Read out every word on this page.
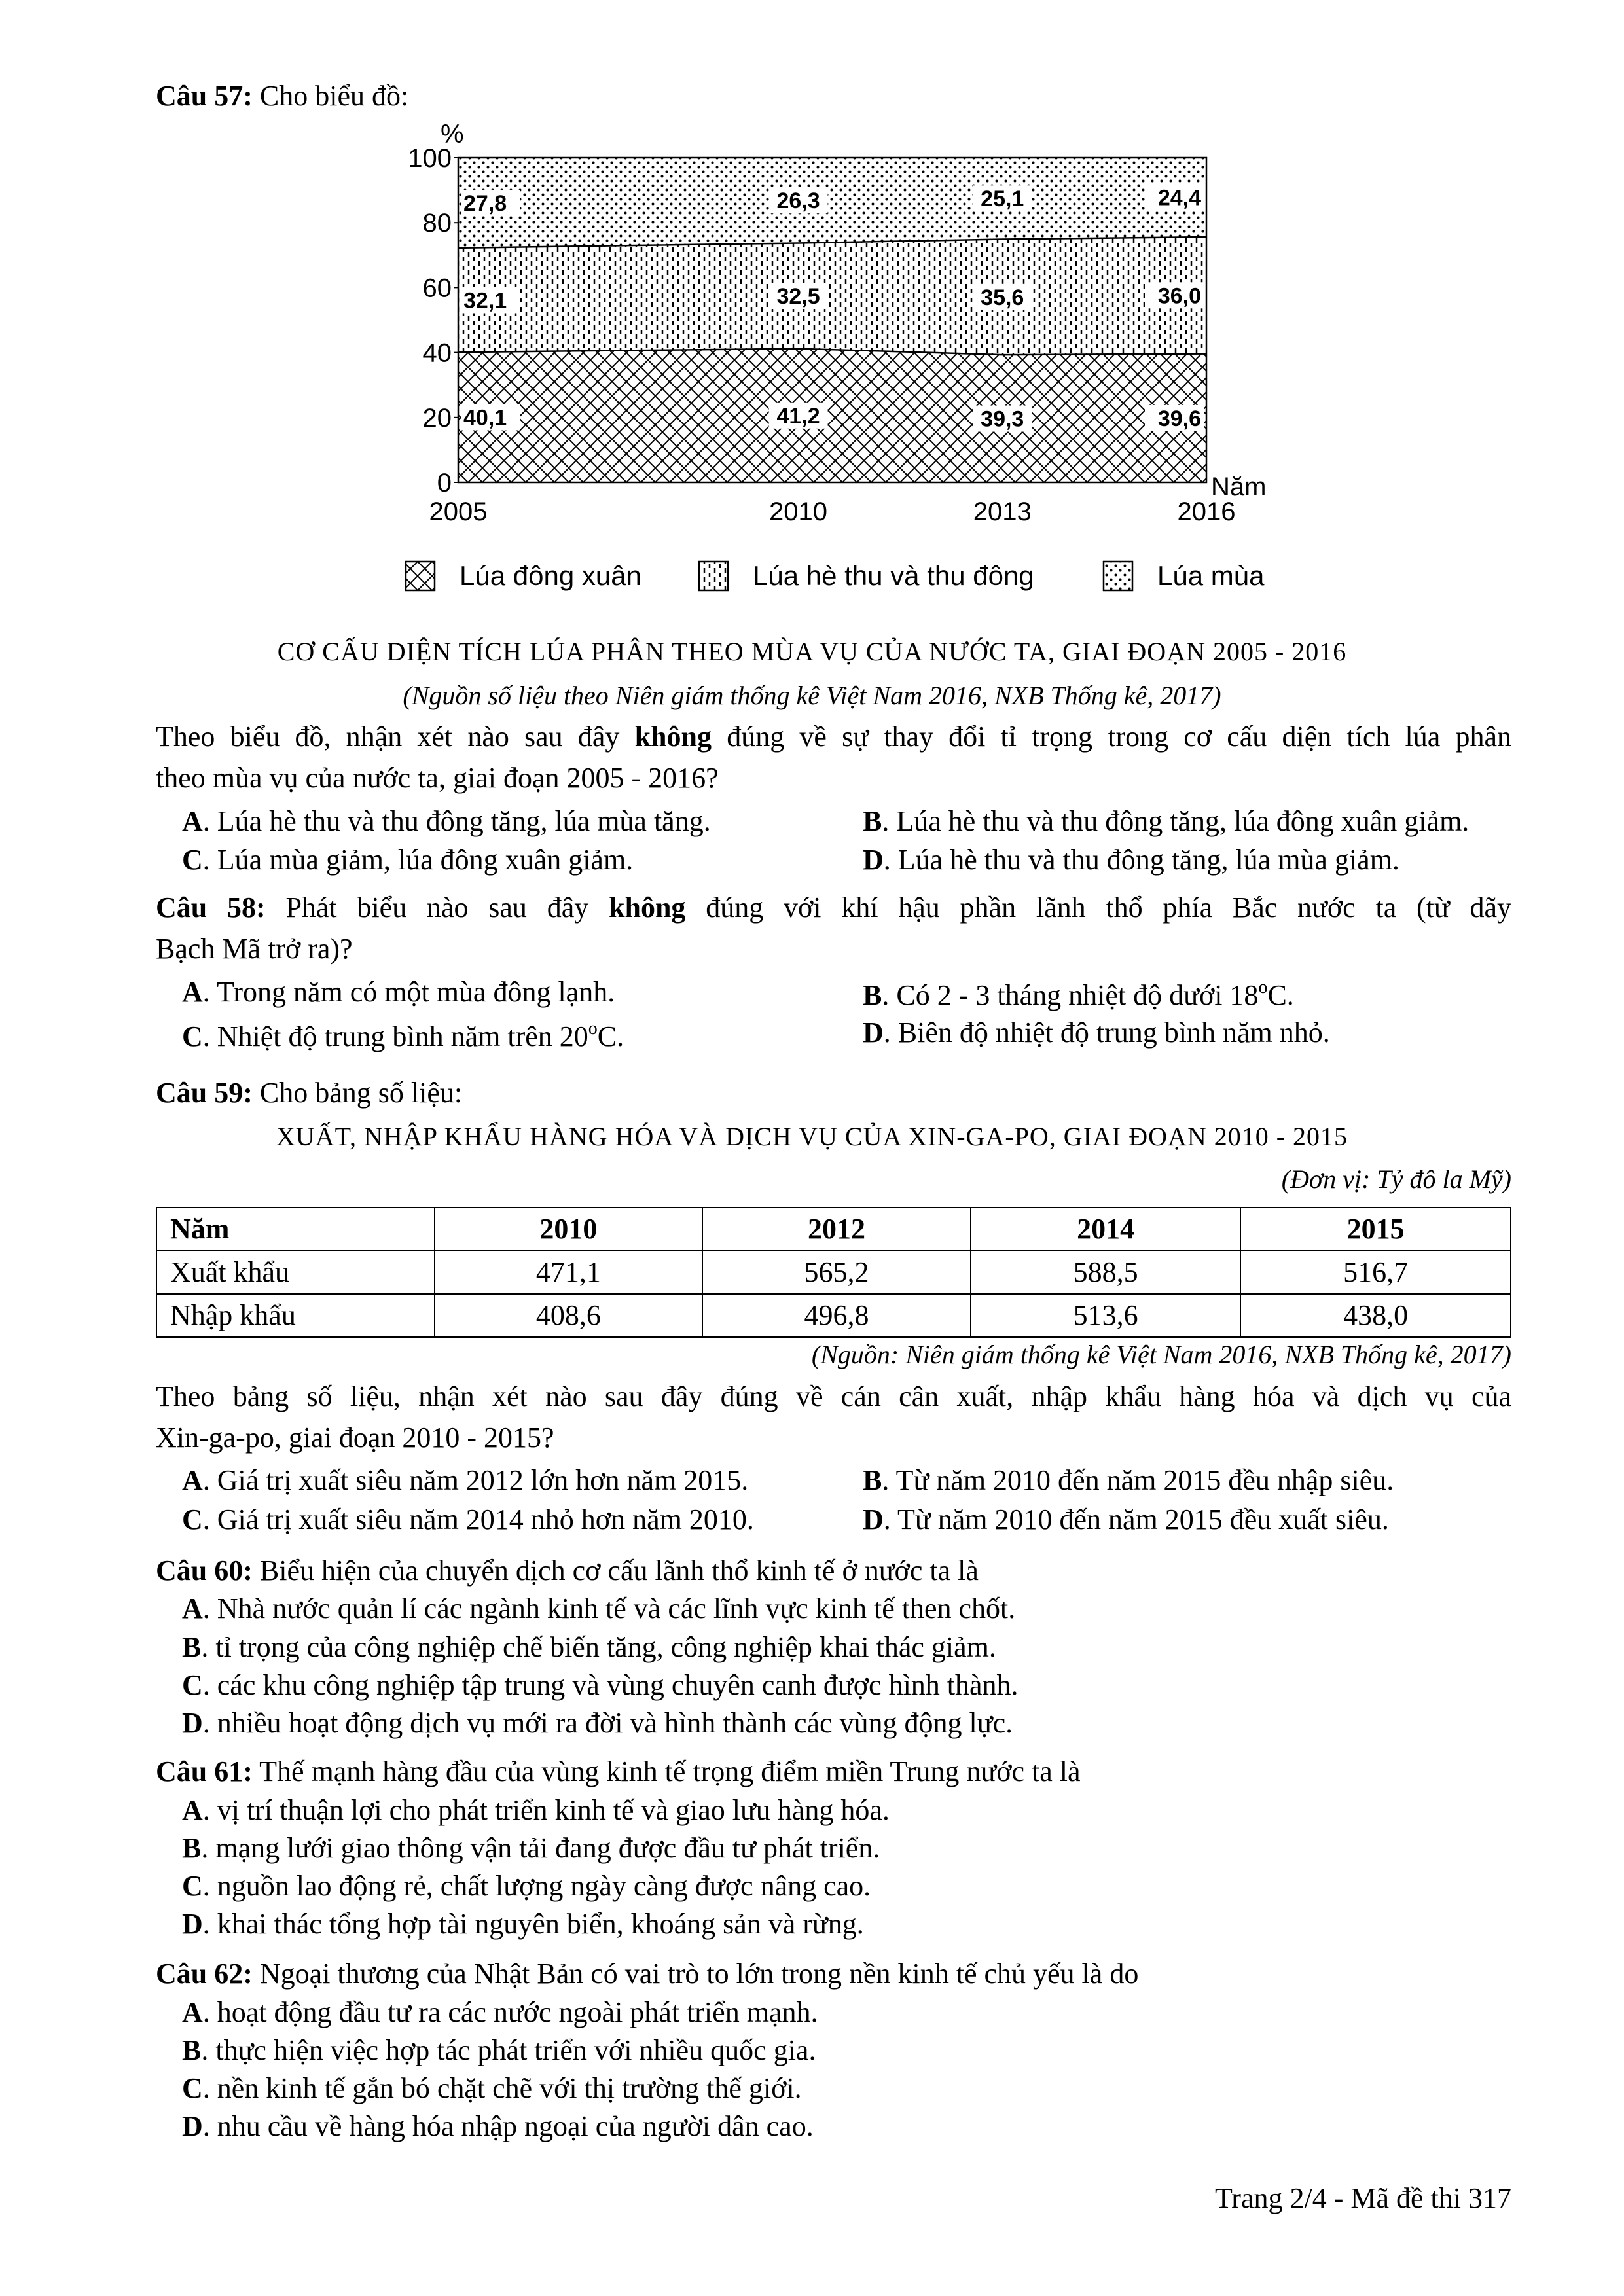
Câu 57: Cho biểu đồ:
100
80
60
40
20
0
2005	2010	2013	2016
40,1	41,2	39,3	39,6
32,1	32,5	35,6	36,0
27,8	26,3	25,1	24,4
%
Năm
Lúa đông xuân	Lúa hè thu và thu đông	Lúa mùa
CƠ CẤU DIỆN TÍCH LÚA PHÂN THEO MÙA VỤ CỦA NƯỚC TA, GIAI ĐOẠN 2005 - 2016
(Nguồn số liệu theo Niên giám thống kê Việt Nam 2016, NXB Thống kê, 2017)
Theo biểu đồ, nhận xét nào sau đây không đúng về sự thay đổi tỉ trọng trong cơ cấu diện tích lúa phân
theo mùa vụ của nước ta, giai đoạn 2005 - 2016?
A. Lúa hè thu và thu đông tăng, lúa mùa tăng.	B. Lúa hè thu và thu đông tăng, lúa đông xuân giảm.
C. Lúa mùa giảm, lúa đông xuân giảm.	D. Lúa hè thu và thu đông tăng, lúa mùa giảm.
Câu 58: Phát biểu nào sau đây không đúng với khí hậu phần lãnh thổ phía Bắc nước ta (từ dãy
Bạch Mã trở ra)?
A. Trong năm có một mùa đông lạnh.	B. Có 2 - 3 tháng nhiệt độ dưới 18$^o$C.
C. Nhiệt độ trung bình năm trên 20$^o$C.	D. Biên độ nhiệt độ trung bình năm nhỏ.
Câu 59: Cho bảng số liệu:
XUẤT, NHẬP KHẨU HÀNG HÓA VÀ DỊCH VỤ CỦA XIN-GA-PO, GIAI ĐOẠN 2010 - 2015
(Đơn vị: Tỷ đô la Mỹ)
Năm	2010	2012	2014	2015
Xuất khẩu	471,1	565,2	588,5	516,7
Nhập khẩu	408,6	496,8	513,6	438,0
(Nguồn: Niên giám thống kê Việt Nam 2016, NXB Thống kê, 2017)
Theo bảng số liệu, nhận xét nào sau đây đúng về cán cân xuất, nhập khẩu hàng hóa và dịch vụ của
Xin-ga-po, giai đoạn 2010 - 2015?
A. Giá trị xuất siêu năm 2012 lớn hơn năm 2015.	B. Từ năm 2010 đến năm 2015 đều nhập siêu.
C. Giá trị xuất siêu năm 2014 nhỏ hơn năm 2010.	D. Từ năm 2010 đến năm 2015 đều xuất siêu.
Câu 60: Biểu hiện của chuyển dịch cơ cấu lãnh thổ kinh tế ở nước ta là
A. Nhà nước quản lí các ngành kinh tế và các lĩnh vực kinh tế then chốt.
B. tỉ trọng của công nghiệp chế biến tăng, công nghiệp khai thác giảm.
C. các khu công nghiệp tập trung và vùng chuyên canh được hình thành.
D. nhiều hoạt động dịch vụ mới ra đời và hình thành các vùng động lực.
Câu 61: Thế mạnh hàng đầu của vùng kinh tế trọng điểm miền Trung nước ta là
A. vị trí thuận lợi cho phát triển kinh tế và giao lưu hàng hóa.
B. mạng lưới giao thông vận tải đang được đầu tư phát triển.
C. nguồn lao động rẻ, chất lượng ngày càng được nâng cao.
D. khai thác tổng hợp tài nguyên biển, khoáng sản và rừng.
Câu 62: Ngoại thương của Nhật Bản có vai trò to lớn trong nền kinh tế chủ yếu là do
A. hoạt động đầu tư ra các nước ngoài phát triển mạnh.
B. thực hiện việc hợp tác phát triển với nhiều quốc gia.
C. nền kinh tế gắn bó chặt chẽ với thị trường thế giới.
D. nhu cầu về hàng hóa nhập ngoại của người dân cao.
Trang 2/4 - Mã đề thi 317
